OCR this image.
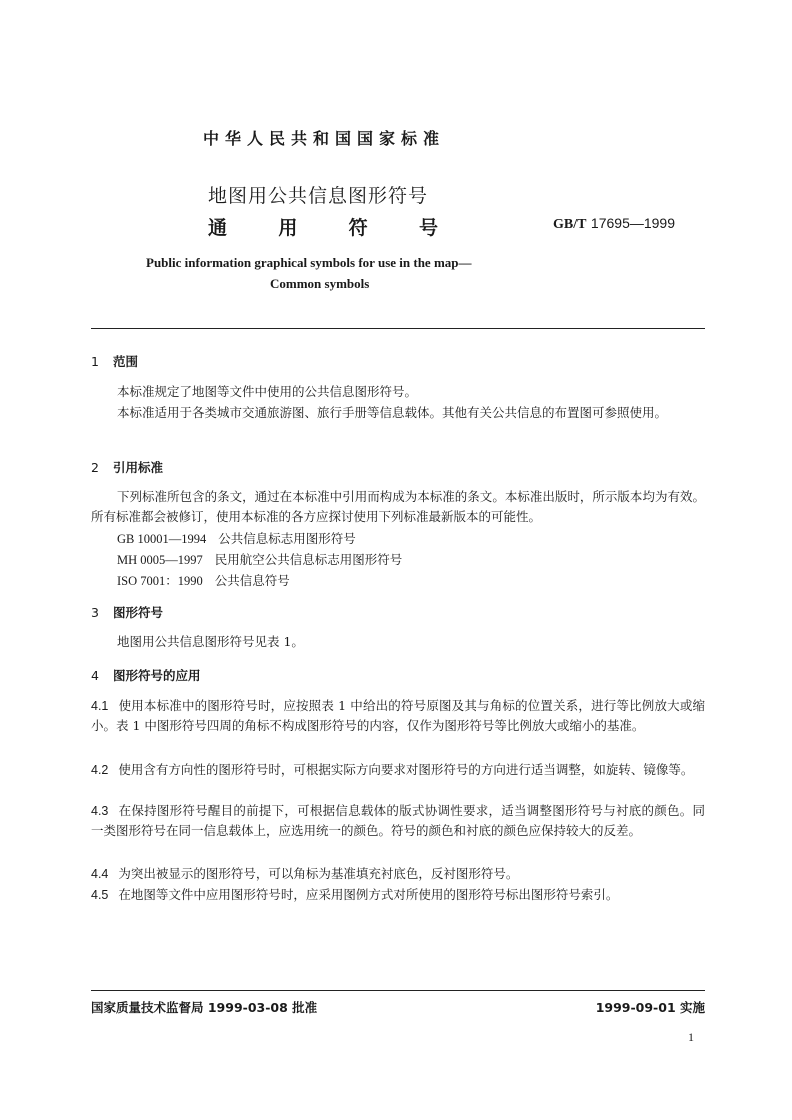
中华人民共和国国家标准
地图用公共信息图形符号
通	用	符	号	GB/T 17695—1999
Public information graphical symbols for use in the map—
Common symbols
1 范围
本标准规定了地图等文件中使用的公共信息图形符号。
本标准适用于各类城市交通旅游图、旅行手册等信息载体。其他有关公共信息的布置图可参照使用。
2 引用标准
下列标准所包含的条文，通过在本标准中引用而构成为本标准的条文。本标准出版时，所示版本均为有效。所有标准都会被修订，使用本标准的各方应探讨使用下列标准最新版本的可能性。
GB 10001—1994 公共信息标志用图形符号
MH 0005—1997 民用航空公共信息标志用图形符号
ISO 7001：1990 公共信息符号
3 图形符号
地图用公共信息图形符号见表 1。
4 图形符号的应用
4.1 使用本标准中的图形符号时，应按照表 1 中给出的符号原图及其与角标的位置关系，进行等比例放大或缩小。表 1 中图形符号四周的角标不构成图形符号的内容，仅作为图形符号等比例放大或缩小的基准。
4.2 使用含有方向性的图形符号时，可根据实际方向要求对图形符号的方向进行适当调整，如旋转、镜像等。
4.3 在保持图形符号醒目的前提下，可根据信息载体的版式协调性要求，适当调整图形符号与衬底的颜色。同一类图形符号在同一信息载体上，应选用统一的颜色。符号的颜色和衬底的颜色应保持较大的反差。
4.4 为突出被显示的图形符号，可以角标为基准填充衬底色，反衬图形符号。
4.5 在地图等文件中应用图形符号时，应采用图例方式对所使用的图形符号标出图形符号索引。
国家质量技术监督局 1999-03-08 批准	1999-09-01 实施
1
